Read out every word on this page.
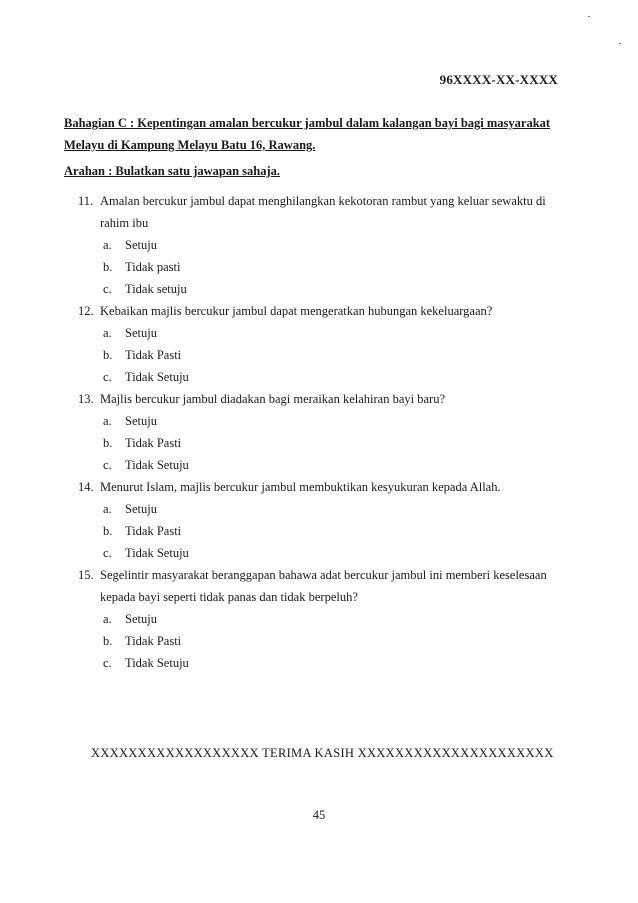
96XXXX-XX-XXXX
Bahagian C : Kepentingan amalan bercukur jambul dalam kalangan bayi bagi masyarakat
Melayu di Kampung Melayu Batu 16, Rawang.
Arahan : Bulatkan satu jawapan sahaja.
11. Amalan bercukur jambul dapat menghilangkan kekotoran rambut yang keluar sewaktu di
rahim ibu
a. Setuju
b. Tidak pasti
c. Tidak setuju
12. Kebaikan majlis bercukur jambul dapat mengeratkan hubungan kekeluargaan?
a. Setuju
b. Tidak Pasti
c. Tidak Setuju
13. Majlis bercukur jambul diadakan bagi meraikan kelahiran bayi baru?
a. Setuju
b. Tidak Pasti
c. Tidak Setuju
14. Menurut Islam, majlis bercukur jambul membuktikan kesyukuran kepada Allah.
a. Setuju
b. Tidak Pasti
c. Tidak Setuju
15. Segelintir masyarakat beranggapan bahawa adat bercukur jambul ini memberi keselesaan
kepada bayi seperti tidak panas dan tidak berpeluh?
a. Setuju
b. Tidak Pasti
c. Tidak Setuju
XXXXXXXXXXXXXXXXXX TERIMA KASIH XXXXXXXXXXXXXXXXXXXXX
45
